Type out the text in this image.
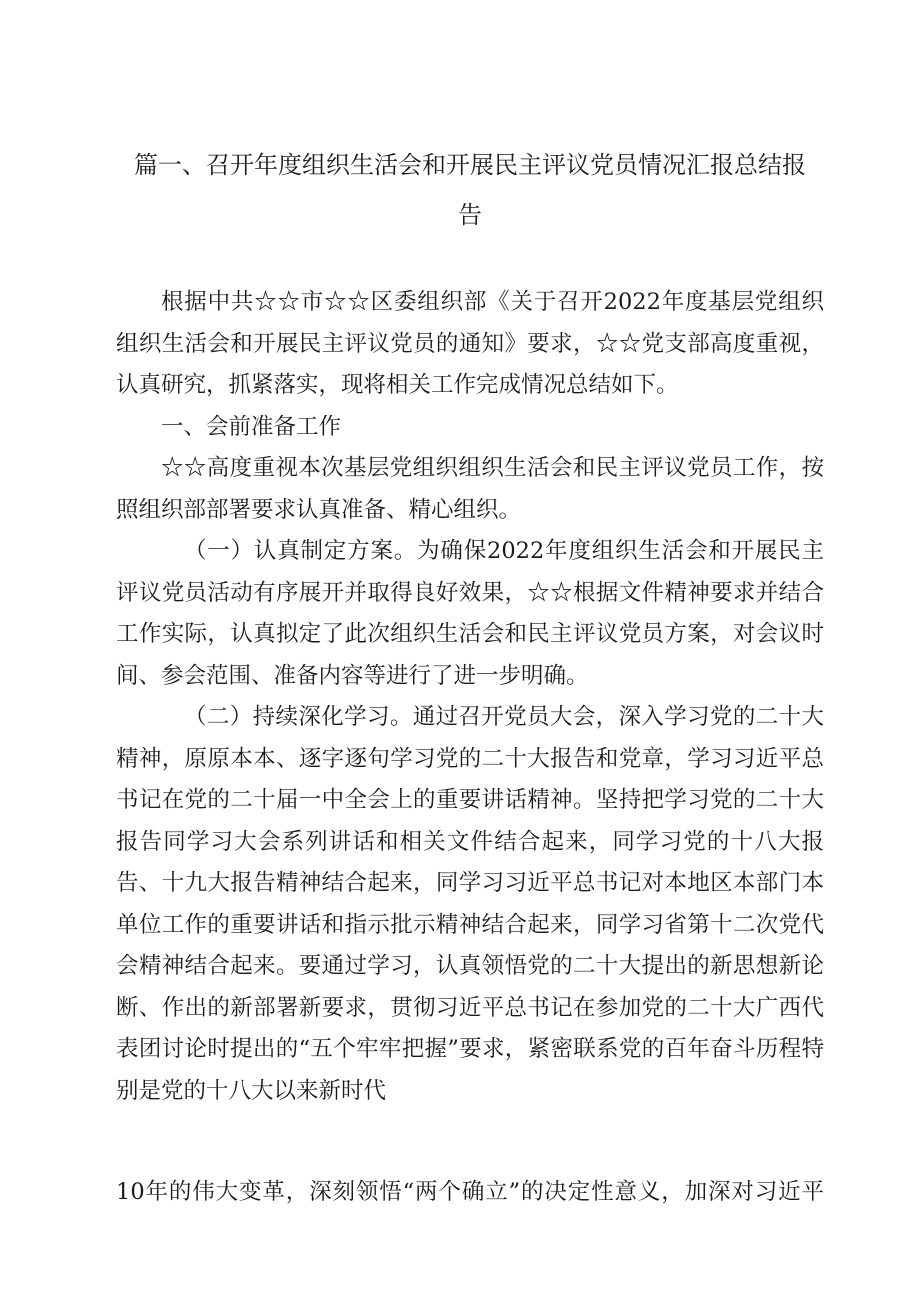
篇一、召开年度组织生活会和开展民主评议党员情况汇报总结报
告

根据中共☆☆市☆☆区委组织部《关于召开2022年度基层党组织组织生活会和开展民主评议党员的通知》要求，☆☆党支部高度重视，认真研究，抓紧落实，现将相关工作完成情况总结如下。

一、会前准备工作

☆☆高度重视本次基层党组织组织生活会和民主评议党员工作，按照组织部部署要求认真准备、精心组织。

（一）认真制定方案。为确保2022年度组织生活会和开展民主评议党员活动有序展开并取得良好效果，☆☆根据文件精神要求并结合工作实际，认真拟定了此次组织生活会和民主评议党员方案，对会议时间、参会范围、准备内容等进行了进一步明确。

（二）持续深化学习。通过召开党员大会，深入学习党的二十大精神，原原本本、逐字逐句学习党的二十大报告和党章，学习习近平总书记在党的二十届一中全会上的重要讲话精神。坚持把学习党的二十大报告同学习大会系列讲话和相关文件结合起来，同学习党的十八大报告、十九大报告精神结合起来，同学习习近平总书记对本地区本部门本单位工作的重要讲话和指示批示精神结合起来，同学习省第十二次党代会精神结合起来。要通过学习，认真领悟党的二十大提出的新思想新论断、作出的新部署新要求，贯彻习近平总书记在参加党的二十大广西代表团讨论时提出的“五个牢牢把握”要求，紧密联系党的百年奋斗历程特别是党的十八大以来新时代

10年的伟大变革，深刻领悟“两个确立”的决定性意义，加深对习近平
